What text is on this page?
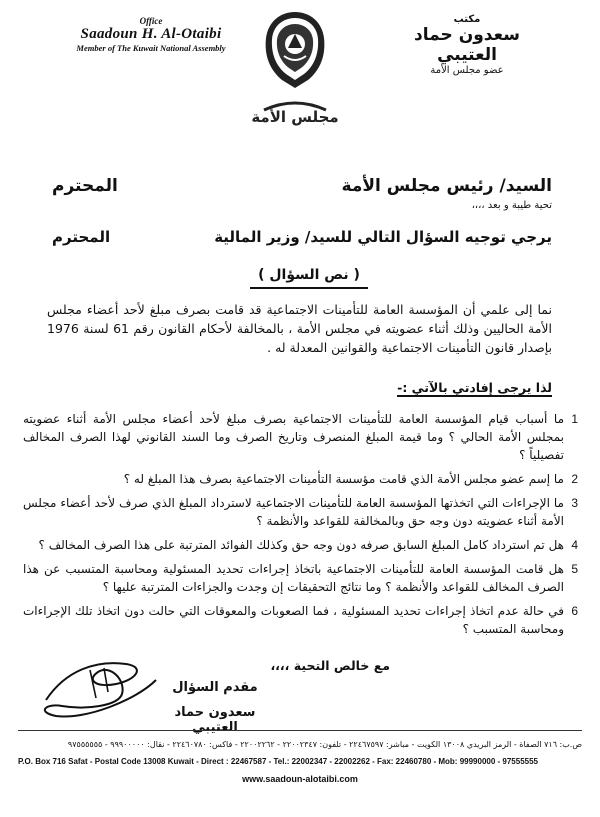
Office
Saadoun H. Al-Otaibi
Member of The Kuwait National Assembly
مجلس الأمة
مكتب
سعدون حماد العتيبي
عضو مجلس الأمة
السيد/ رئيس مجلس الأمة
المحترم
تحية طيبة و بعد ،،،،
يرجي توجيه السؤال التالي للسيد/ وزير المالية
المحترم
( نص السؤال )
نما إلى علمي أن المؤسسة العامة للتأمينات الاجتماعية قد قامت بصرف مبلغ لأحد أعضاء مجلس الأمة الحاليين وذلك أثناء عضويته في مجلس الأمة ، بالمخالفة لأحكام القانون رقم 61 لسنة 1976 بإصدار قانون التأمينات الاجتماعية والقوانين المعدلة له .
لذا يرجى إفادتي بالآتي :-
1
ما أسباب قيام المؤسسة العامة للتأمينات الاجتماعية بصرف مبلغ لأحد أعضاء مجلس الأمة أثناء عضويته بمجلس الأمة الحالي ؟ وما قيمة المبلغ المنصرف وتاريخ الصرف وما السند القانوني لهذا الصرف المخالف تفصيلياً ؟
2
ما إسم عضو مجلس الأمة الذي قامت مؤسسة التأمينات الاجتماعية بصرف هذا المبلغ له ؟
3
ما الإجراءات التي اتخذتها المؤسسة العامة للتأمينات الاجتماعية لاسترداد المبلغ الذي صرف لأحد أعضاء مجلس الأمة أثناء عضويته دون وجه حق وبالمخالفة للقواعد والأنظمة ؟
4
هل تم استرداد كامل المبلغ السابق صرفه دون وجه حق وكذلك الفوائد المترتبة على هذا الصرف المخالف ؟
5
هل قامت المؤسسة العامة للتأمينات الاجتماعية باتخاذ إجراءات تحديد المسئولية ومحاسبة المتسبب عن هذا الصرف المخالف للقواعد والأنظمة ؟ وما نتائج التحقيقات إن وجدت والجزاءات المترتبة عليها ؟
6
في حالة عدم اتخاذ إجراءات تحديد المسئولية ، فما الصعوبات والمعوقات التي حالت دون اتخاذ تلك الإجراءات ومحاسبة المتسبب ؟
مع خالص التحية ،،،،
مقدم السؤال
سعدون حماد العتيبي
ص.ب: ٧١٦ الصفاة - الرمز البريدي ١٣٠٠٨ الكويت - مباشر: ٢٢٤٦٧٥٩٧ - تلفون: ٢٢٠٠٢٣٤٧ - ٢٢٠٠٢٢٦٢ - فاكس: ٢٢٤٦٠٧٨٠ - نقال: ٩٩٩٠٠٠٠٠ - ٩٧٥٥٥٥٥٥
P.O. Box 716 Safat - Postal Code 13008 Kuwait - Direct : 22467587 - Tel.: 22002347 - 22002262 - Fax: 22460780 - Mob: 99990000 - 97555555
www.saadoun-alotaibi.com
